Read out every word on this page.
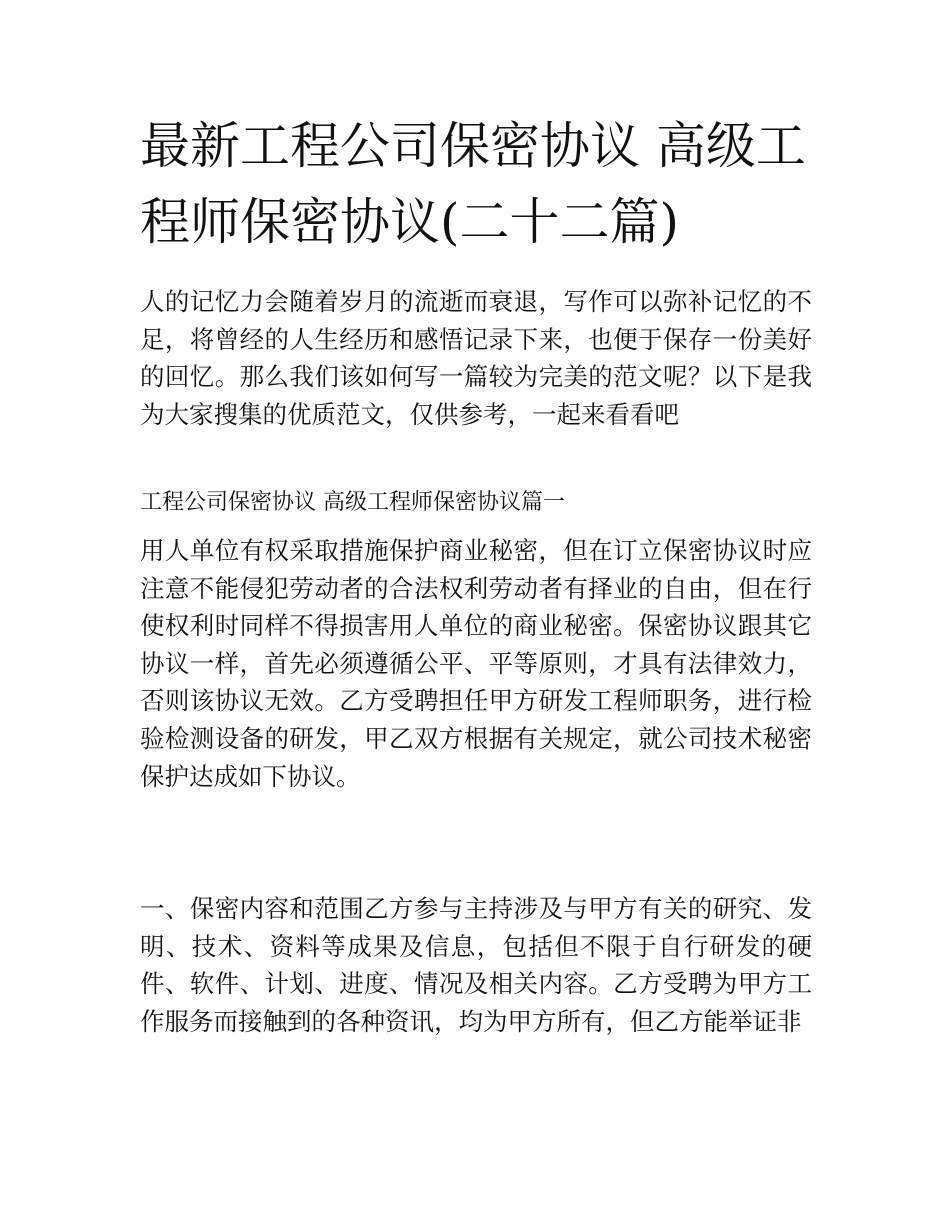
最新工程公司保密协议 高级工程师保密协议(二十二篇)

人的记忆力会随着岁月的流逝而衰退，写作可以弥补记忆的不足，将曾经的人生经历和感悟记录下来，也便于保存一份美好的回忆。那么我们该如何写一篇较为完美的范文呢？以下是我为大家搜集的优质范文，仅供参考，一起来看看吧

工程公司保密协议 高级工程师保密协议篇一

用人单位有权采取措施保护商业秘密，但在订立保密协议时应注意不能侵犯劳动者的合法权利劳动者有择业的自由，但在行使权利时同样不得损害用人单位的商业秘密。保密协议跟其它协议一样，首先必须遵循公平、平等原则，才具有法律效力，否则该协议无效。乙方受聘担任甲方研发工程师职务，进行检验检测设备的研发，甲乙双方根据有关规定，就公司技术秘密保护达成如下协议。

一、保密内容和范围乙方参与主持涉及与甲方有关的研究、发明、技术、资料等成果及信息，包括但不限于自行研发的硬件、软件、计划、进度、情况及相关内容。乙方受聘为甲方工作服务而接触到的各种资讯，均为甲方所有，但乙方能举证非
